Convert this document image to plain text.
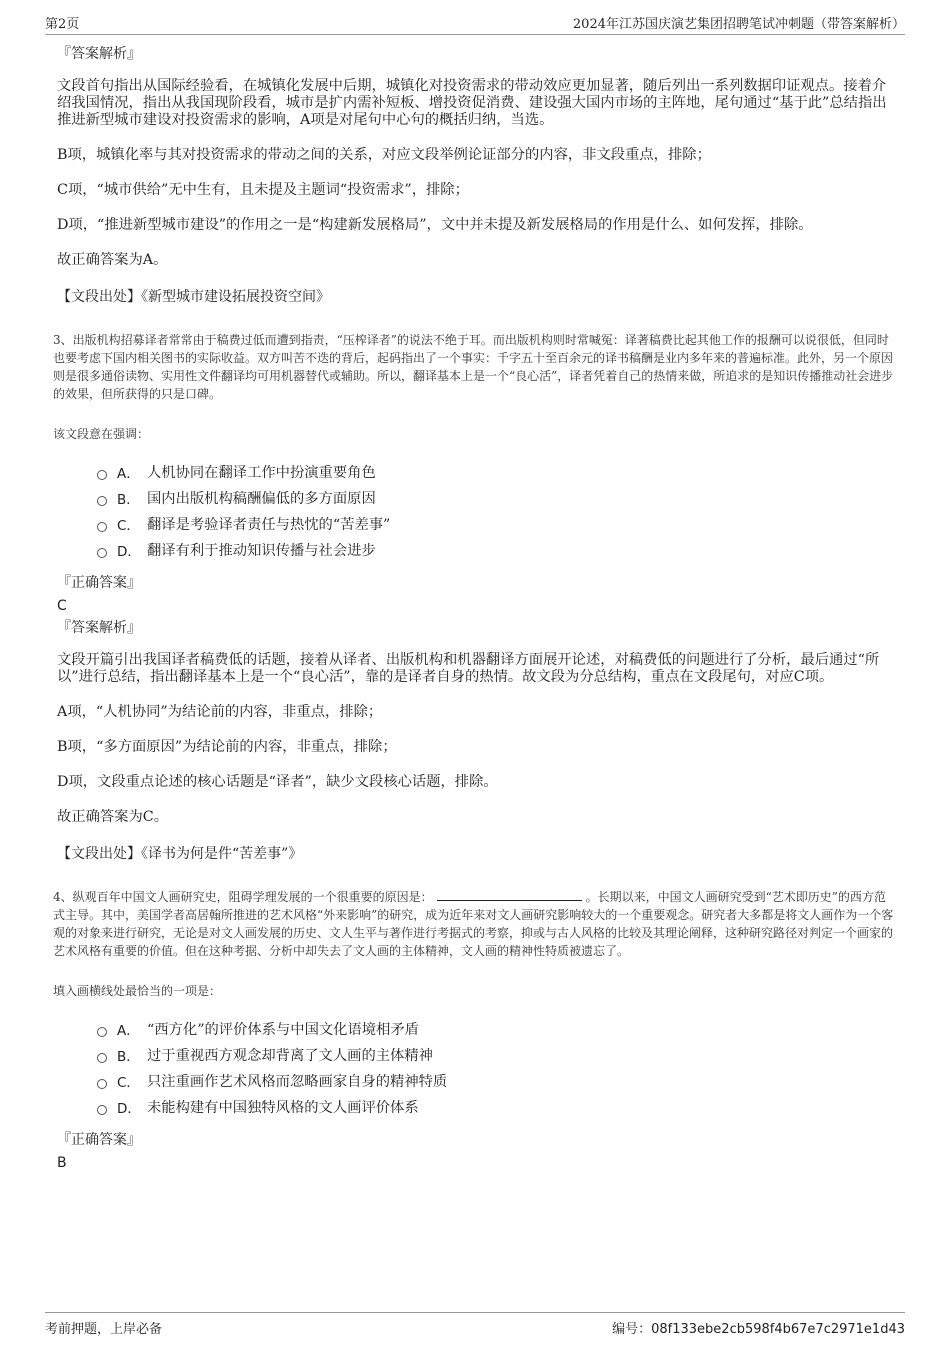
第2页	2024年江苏国庆演艺集团招聘笔试冲刺题（带答案解析）
『答案解析』

文段首句指出从国际经验看，在城镇化发展中后期，城镇化对投资需求的带动效应更加显著，随后列出一系列数据印证观点。接着介绍我国情况，指出从我国现阶段看，城市是扩内需补短板、增投资促消费、建设强大国内市场的主阵地，尾句通过“基于此”总结指出推进新型城市建设对投资需求的影响，A项是对尾句中心句的概括归纳，当选。

B项，城镇化率与其对投资需求的带动之间的关系，对应文段举例论证部分的内容，非文段重点，排除；

C项，“城市供给”无中生有，且未提及主题词“投资需求”，排除；

D项，“推进新型城市建设”的作用之一是“构建新发展格局”，文中并未提及新发展格局的作用是什么、如何发挥，排除。

故正确答案为A。

【文段出处】《新型城市建设拓展投资空间》

3、出版机构招募译者常常由于稿费过低而遭到指责，“压榨译者”的说法不绝于耳。而出版机构则时常喊冤：译著稿费比起其他工作的报酬可以说很低，但同时也要考虑下国内相关图书的实际收益。双方叫苦不迭的背后，起码指出了一个事实：千字五十至百余元的译书稿酬是业内多年来的普遍标准。此外，另一个原因则是很多通俗读物、实用性文件翻译均可用机器替代或辅助。所以，翻译基本上是一个“良心活”，译者凭着自己的热情来做，所追求的是知识传播推动社会进步的效果，但所获得的只是口碑。

该文段意在强调：

A． 人机协同在翻译工作中扮演重要角色
B． 国内出版机构稿酬偏低的多方面原因
C． 翻译是考验译者责任与热忱的“苦差事”
D． 翻译有利于推动知识传播与社会进步
『正确答案』
C
『答案解析』

文段开篇引出我国译者稿费低的话题，接着从译者、出版机构和机器翻译方面展开论述，对稿费低的问题进行了分析，最后通过“所以”进行总结，指出翻译基本上是一个“良心活”，靠的是译者自身的热情。故文段为分总结构，重点在文段尾句，对应C项。

A项，“人机协同”为结论前的内容，非重点，排除；

B项，“多方面原因”为结论前的内容，非重点，排除；

D项，文段重点论述的核心话题是“译者”，缺少文段核心话题，排除。

故正确答案为C。

【文段出处】《译书为何是件“苦差事”》

4、纵观百年中国文人画研究史，阻碍学理发展的一个很重要的原因是：	。长期以来，中国文人画研究受到“艺术即历史”的西方范式主导。其中，美国学者高居翰所推进的艺术风格“外来影响”的研究，成为近年来对文人画研究影响较大的一个重要观念。研究者大多都是将文人画作为一个客观的对象来进行研究，无论是对文人画发展的历史、文人生平与著作进行考据式的考察，抑或与古人风格的比较及其理论阐释，这种研究路径对判定一个画家的艺术风格有重要的价值。但在这种考据、分析中却失去了文人画的主体精神，文人画的精神性特质被遗忘了。

填入画横线处最恰当的一项是：

A． “西方化”的评价体系与中国文化语境相矛盾
B． 过于重视西方观念却背离了文人画的主体精神
C． 只注重画作艺术风格而忽略画家自身的精神特质
D． 未能构建有中国独特风格的文人画评价体系
『正确答案』
B
考前押题，上岸必备	编号：08f133ebe2cb598f4b67e7c2971e1d43
